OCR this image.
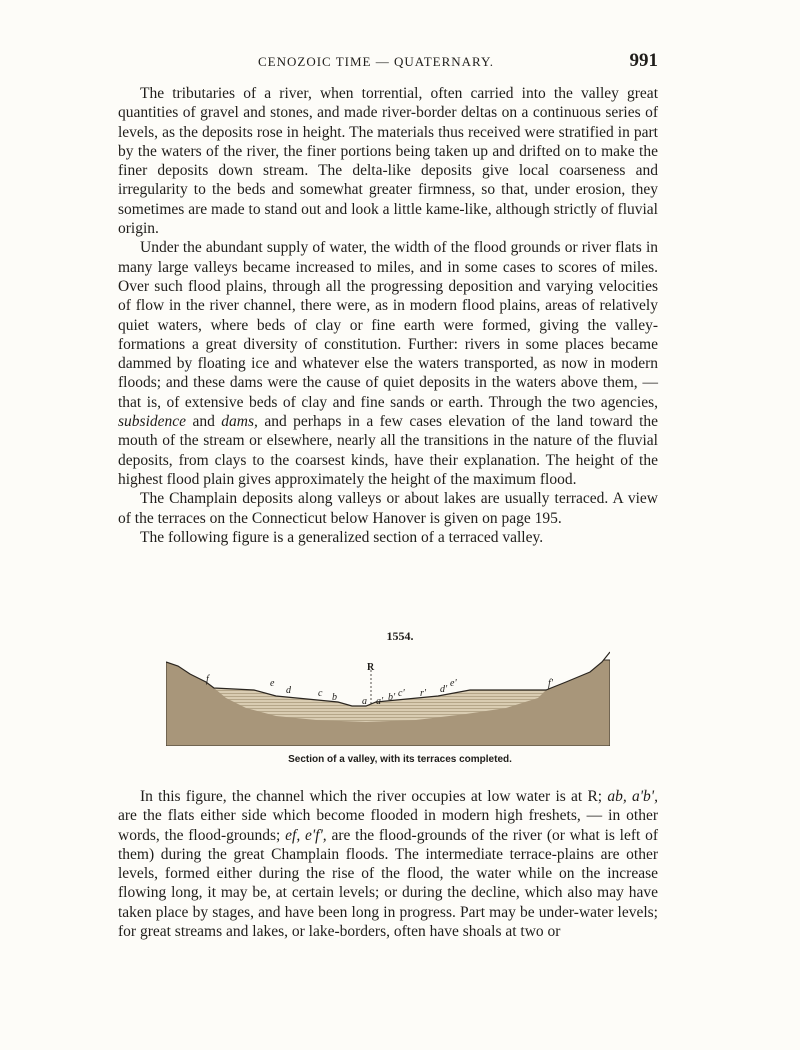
CENOZOIC TIME — QUATERNARY.	991

The tributaries of a river, when torrential, often carried into the valley great quantities of gravel and stones, and made river-border deltas on a continuous series of levels, as the deposits rose in height. The materials thus received were stratified in part by the waters of the river, the finer portions being taken up and drifted on to make the finer deposits down stream. The delta-like deposits give local coarseness and irregularity to the beds and somewhat greater firmness, so that, under erosion, they sometimes are made to stand out and look a little kame-like, although strictly of fluvial origin.

Under the abundant supply of water, the width of the flood grounds or river flats in many large valleys became increased to miles, and in some cases to scores of miles. Over such flood plains, through all the progressing deposition and varying velocities of flow in the river channel, there were, as in modern flood plains, areas of relatively quiet waters, where beds of clay or fine earth were formed, giving the valley-formations a great diversity of constitution. Further: rivers in some places became dammed by floating ice and whatever else the waters transported, as now in modern floods; and these dams were the cause of quiet deposits in the waters above them, — that is, of extensive beds of clay and fine sands or earth. Through the two agencies, subsidence and dams, and perhaps in a few cases elevation of the land toward the mouth of the stream or elsewhere, nearly all the transitions in the nature of the fluvial deposits, from clays to the coarsest kinds, have their explanation. The height of the highest flood plain gives approximately the height of the maximum flood.

The Champlain deposits along valleys or about lakes are usually terraced. A view of the terraces on the Connecticut below Hanover is given on page 195.

The following figure is a generalized section of a terraced valley.

1554.
R
f	e
d	c b	a a' b' c' r' d'
e'	f'
Section of a valley, with its terraces completed.

In this figure, the channel which the river occupies at low water is at R; ab, a'b', are the flats either side which become flooded in modern high freshets, — in other words, the flood-grounds; ef, e'f', are the flood-grounds of the river (or what is left of them) during the great Champlain floods. The intermediate terrace-plains are other levels, formed either during the rise of the flood, the water while on the increase flowing long, it may be, at certain levels; or during the decline, which also may have taken place by stages, and have been long in progress. Part may be under-water levels; for great streams and lakes, or lake-borders, often have shoals at two or
